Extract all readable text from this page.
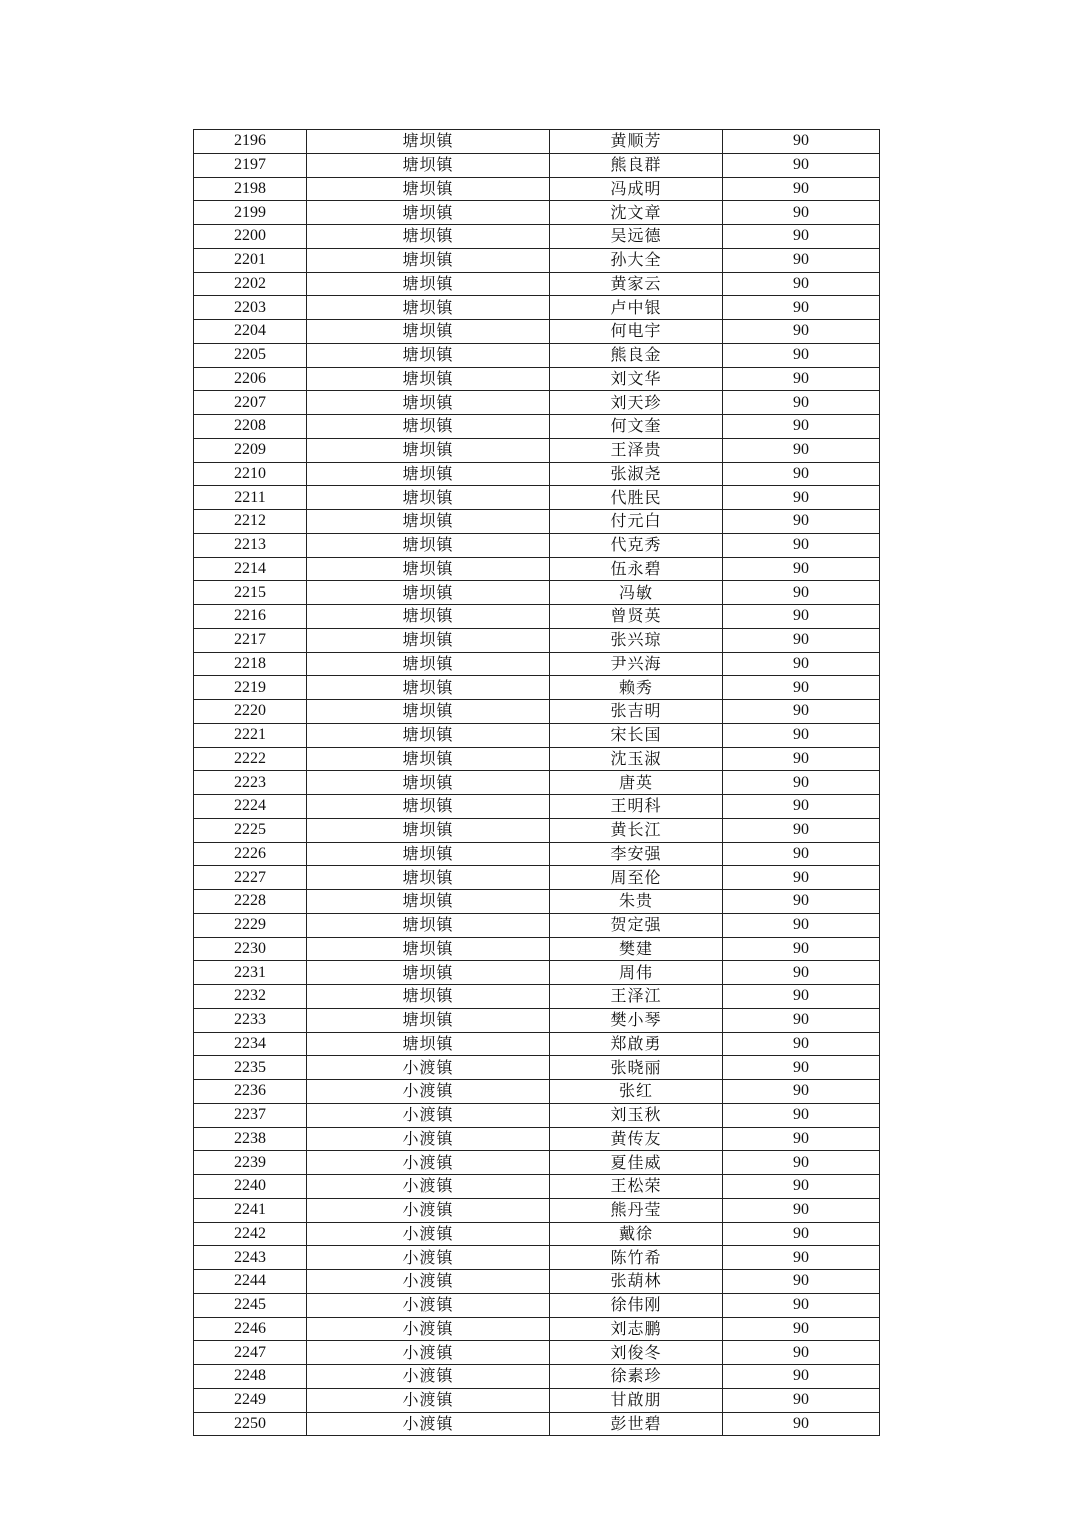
2196	塘坝镇	黄顺芳	90
2197	塘坝镇	熊良群	90
2198	塘坝镇	冯成明	90
2199	塘坝镇	沈文章	90
2200	塘坝镇	吴远德	90
2201	塘坝镇	孙大全	90
2202	塘坝镇	黄家云	90
2203	塘坝镇	卢中银	90
2204	塘坝镇	何电宇	90
2205	塘坝镇	熊良金	90
2206	塘坝镇	刘文华	90
2207	塘坝镇	刘天珍	90
2208	塘坝镇	何文奎	90
2209	塘坝镇	王泽贵	90
2210	塘坝镇	张淑尧	90
2211	塘坝镇	代胜民	90
2212	塘坝镇	付元白	90
2213	塘坝镇	代克秀	90
2214	塘坝镇	伍永碧	90
2215	塘坝镇	冯敏	90
2216	塘坝镇	曾贤英	90
2217	塘坝镇	张兴琼	90
2218	塘坝镇	尹兴海	90
2219	塘坝镇	赖秀	90
2220	塘坝镇	张吉明	90
2221	塘坝镇	宋长国	90
2222	塘坝镇	沈玉淑	90
2223	塘坝镇	唐英	90
2224	塘坝镇	王明科	90
2225	塘坝镇	黄长江	90
2226	塘坝镇	李安强	90
2227	塘坝镇	周至伦	90
2228	塘坝镇	朱贵	90
2229	塘坝镇	贺定强	90
2230	塘坝镇	樊建	90
2231	塘坝镇	周伟	90
2232	塘坝镇	王泽江	90
2233	塘坝镇	樊小琴	90
2234	塘坝镇	郑啟勇	90
2235	小渡镇	张晓丽	90
2236	小渡镇	张红	90
2237	小渡镇	刘玉秋	90
2238	小渡镇	黄传友	90
2239	小渡镇	夏佳威	90
2240	小渡镇	王松荣	90
2241	小渡镇	熊丹莹	90
2242	小渡镇	戴徐	90
2243	小渡镇	陈竹希	90
2244	小渡镇	张葫林	90
2245	小渡镇	徐伟刚	90
2246	小渡镇	刘志鹏	90
2247	小渡镇	刘俊冬	90
2248	小渡镇	徐素珍	90
2249	小渡镇	甘啟朋	90
2250	小渡镇	彭世碧	90
